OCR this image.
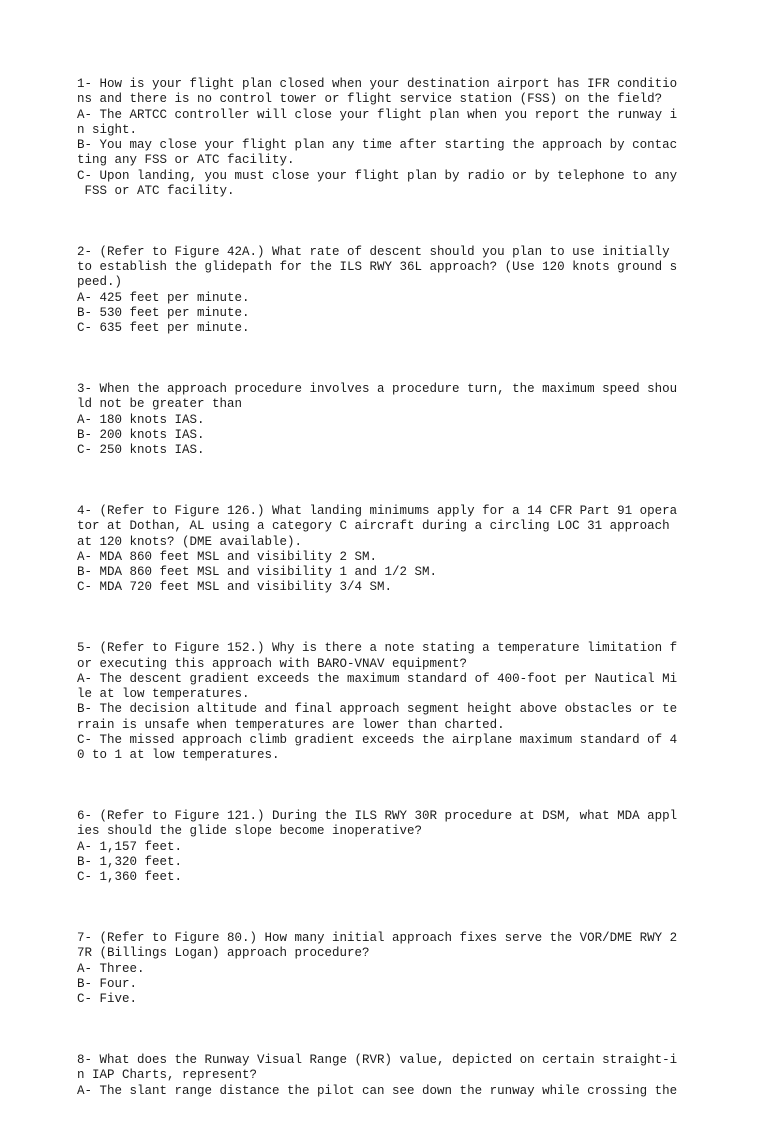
1- How is your flight plan closed when your destination airport has IFR conditio
ns and there is no control tower or flight service station (FSS) on the field?
A- The ARTCC controller will close your flight plan when you report the runway i
n sight.
B- You may close your flight plan any time after starting the approach by contac
ting any FSS or ATC facility.
C- Upon landing, you must close your flight plan by radio or by telephone to any
FSS or ATC facility.
2- (Refer to Figure 42A.) What rate of descent should you plan to use initially
to establish the glidepath for the ILS RWY 36L approach? (Use 120 knots ground s
peed.)
A- 425 feet per minute.
B- 530 feet per minute.
C- 635 feet per minute.
3- When the approach procedure involves a procedure turn, the maximum speed shou
ld not be greater than
A- 180 knots IAS.
B- 200 knots IAS.
C- 250 knots IAS.
4- (Refer to Figure 126.) What landing minimums apply for a 14 CFR Part 91 opera
tor at Dothan, AL using a category C aircraft during a circling LOC 31 approach
at 120 knots? (DME available).
A- MDA 860 feet MSL and visibility 2 SM.
B- MDA 860 feet MSL and visibility 1 and 1/2 SM.
C- MDA 720 feet MSL and visibility 3/4 SM.
5- (Refer to Figure 152.) Why is there a note stating a temperature limitation f
or executing this approach with BARO-VNAV equipment?
A- The descent gradient exceeds the maximum standard of 400-foot per Nautical Mi
le at low temperatures.
B- The decision altitude and final approach segment height above obstacles or te
rrain is unsafe when temperatures are lower than charted.
C- The missed approach climb gradient exceeds the airplane maximum standard of 4
0 to 1 at low temperatures.
6- (Refer to Figure 121.) During the ILS RWY 30R procedure at DSM, what MDA appl
ies should the glide slope become inoperative?
A- 1,157 feet.
B- 1,320 feet.
C- 1,360 feet.
7- (Refer to Figure 80.) How many initial approach fixes serve the VOR/DME RWY 2
7R (Billings Logan) approach procedure?
A- Three.
B- Four.
C- Five.
8- What does the Runway Visual Range (RVR) value, depicted on certain straight-i
n IAP Charts, represent?
A- The slant range distance the pilot can see down the runway while crossing the
